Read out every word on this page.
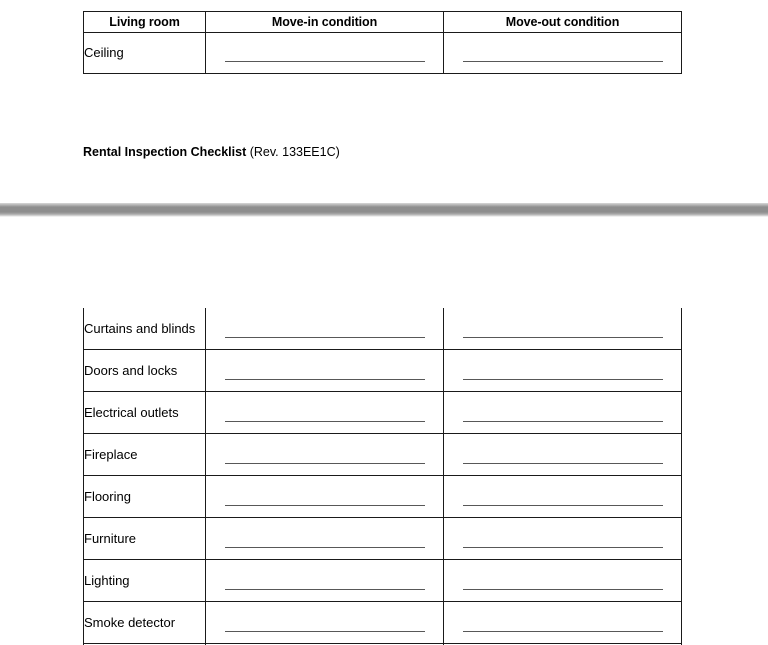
Living room	Move-in condition	Move-out condition
Ceiling	

Rental Inspection Checklist (Rev. 133EE1C)
Curtains and blinds	

Doors and locks	

Electrical outlets	

Fireplace	

Flooring	

Furniture	

Lighting	

Smoke detector	
